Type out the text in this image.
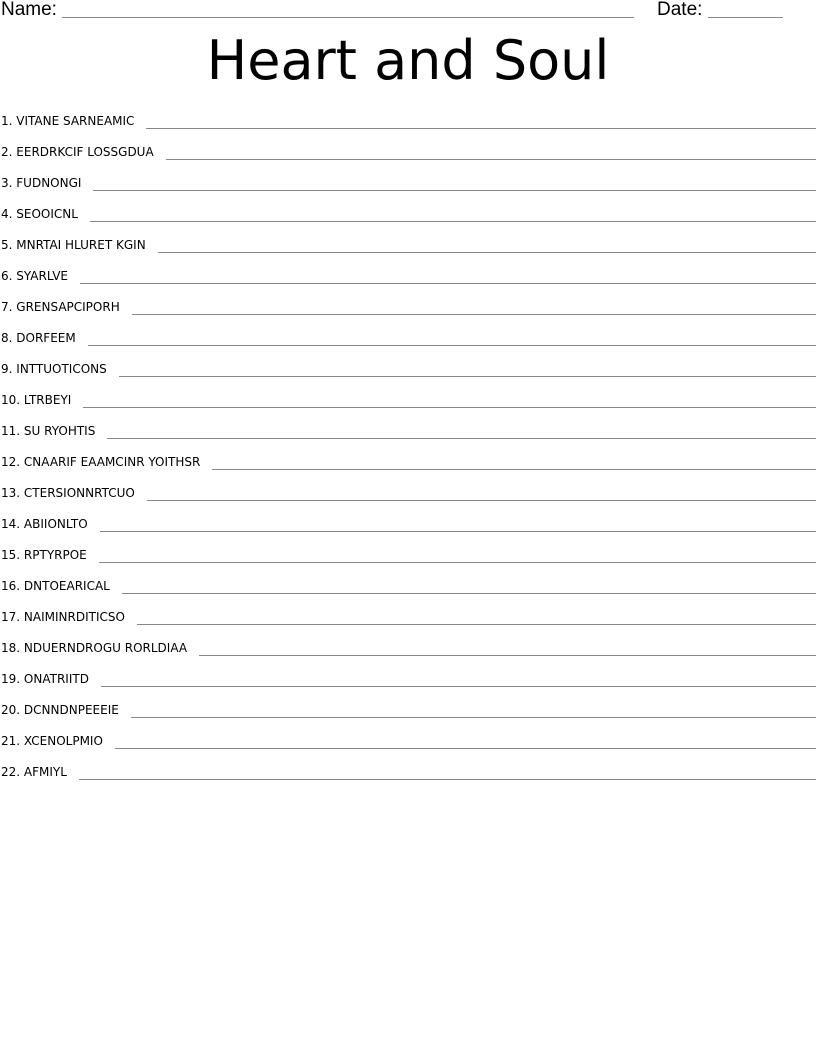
Name:	Date:
Heart and Soul
1. VITANE SARNEAMIC
2. EERDRKCIF LOSSGDUA
3. FUDNONGI
4. SEOOICNL
5. MNRTAI HLURET KGIN
6. SYARLVE
7. GRENSAPCIPORH
8. DORFEEM
9. INTTUOTICONS
10. LTRBEYI
11. SU RYOHTIS
12. CNAARIF EAAMCINR YOITHSR
13. CTERSIONNRTCUO
14. ABIIONLTO
15. RPTYRPOE
16. DNTOEARICAL
17. NAIMINRDITICSO
18. NDUERNDROGU RORLDIAA
19. ONATRIITD
20. DCNNDNPEEEIE
21. XCENOLPMIO
22. AFMIYL
